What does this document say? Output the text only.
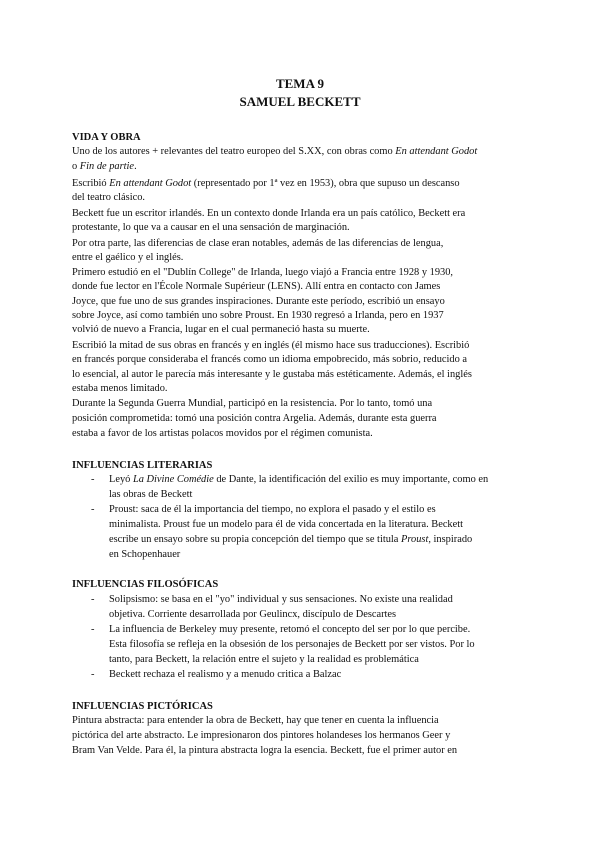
TEMA 9

SAMUEL BECKETT

VIDA Y OBRA

Uno de los autores + relevantes del teatro europeo del S.XX, con obras como En attendant Godot

o Fin de partie.

Escribió En attendant Godot (representado por 1ª vez en 1953), obra que supuso un descanso

del teatro clásico.

Beckett fue un escritor irlandés. En un contexto donde Irlanda era un país católico, Beckett era

protestante, lo que va a causar en el una sensación de marginación.

Por otra parte, las diferencias de clase eran notables, además de las diferencias de lengua,

entre el gaélico y el inglés.

Primero estudió en el "Dublín College" de Irlanda, luego viajó a Francia entre 1928 y 1930,

donde fue lector en l'École Normale Supérieur (LENS). Allí entra en contacto con James

Joyce, que fue uno de sus grandes inspiraciones. Durante este período, escribió un ensayo

sobre Joyce, así como también uno sobre Proust. En 1930 regresó a Irlanda, pero en 1937

volvió de nuevo a Francia, lugar en el cual permaneció hasta su muerte.

Escribió la mitad de sus obras en francés y en inglés (él mismo hace sus traducciones). Escribió

en francés porque consideraba el francés como un idioma empobrecido, más sobrio, reducido a

lo esencial, al autor le parecía más interesante y le gustaba más estéticamente. Además, el inglés

estaba menos limitado.

Durante la Segunda Guerra Mundial, participó en la resistencia. Por lo tanto, tomó una

posición comprometida: tomó una posición contra Argelia. Además, durante esta guerra

estaba a favor de los artistas polacos movidos por el régimen comunista.

INFLUENCIAS LITERARIAS

- Leyó La Divine Comédie de Dante, la identificación del exilio es muy importante, como en

las obras de Beckett

- Proust: saca de él la importancia del tiempo, no explora el pasado y el estilo es

minimalista. Proust fue un modelo para él de vida concertada en la literatura. Beckett

escribe un ensayo sobre su propia concepción del tiempo que se titula Proust, inspirado

en Schopenhauer

INFLUENCIAS FILOSÓFICAS

- Solipsismo: se basa en el "yo" individual y sus sensaciones. No existe una realidad

objetiva. Corriente desarrollada por Geulincx, discípulo de Descartes

- La influencia de Berkeley muy presente, retomó el concepto del ser por lo que percibe.

Esta filosofía se refleja en la obsesión de los personajes de Beckett por ser vistos. Por lo

tanto, para Beckett, la relación entre el sujeto y la realidad es problemática

- Beckett rechaza el realismo y a menudo critica a Balzac

INFLUENCIAS PICTÓRICAS

Pintura abstracta: para entender la obra de Beckett, hay que tener en cuenta la influencia

pictórica del arte abstracto. Le impresionaron dos pintores holandeses los hermanos Geer y

Bram Van Velde. Para él, la pintura abstracta logra la esencia. Beckett, fue el primer autor en
